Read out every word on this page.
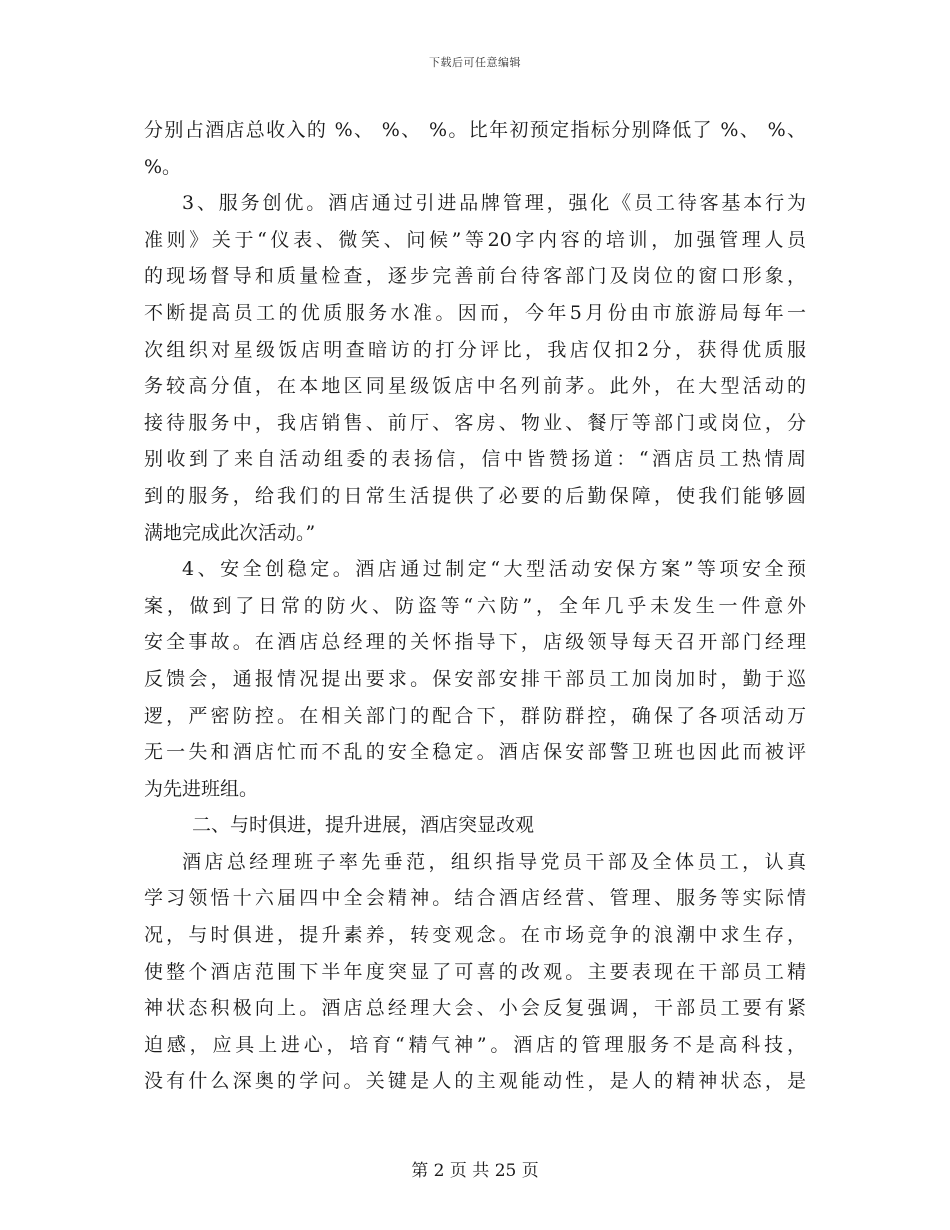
下载后可任意编辑
分别占酒店总收入的 %、 %、 %。比年初预定指标分别降低了 %、 %、
%。
3、服务创优。酒店通过引进品牌管理，强化《员工待客基本行为
准则》关于“仪表、微笑、问候”等20字内容的培训，加强管理人员
的现场督导和质量检查，逐步完善前台待客部门及岗位的窗口形象，
不断提高员工的优质服务水准。因而，今年5月份由市旅游局每年一
次组织对星级饭店明查暗访的打分评比，我店仅扣2分，获得优质服
务较高分值，在本地区同星级饭店中名列前茅。此外，在大型活动的
接待服务中，我店销售、前厅、客房、物业、餐厅等部门或岗位，分
别收到了来自活动组委的表扬信，信中皆赞扬道：“酒店员工热情周
到的服务，给我们的日常生活提供了必要的后勤保障，使我们能够圆
满地完成此次活动。”
4、安全创稳定。酒店通过制定“大型活动安保方案”等项安全预
案，做到了日常的防火、防盗等“六防”，全年几乎未发生一件意外
安全事故。在酒店总经理的关怀指导下，店级领导每天召开部门经理
反馈会，通报情况提出要求。保安部安排干部员工加岗加时，勤于巡
逻，严密防控。在相关部门的配合下，群防群控，确保了各项活动万
无一失和酒店忙而不乱的安全稳定。酒店保安部警卫班也因此而被评
为先进班组。
二、与时俱进，提升进展，酒店突显改观
酒店总经理班子率先垂范，组织指导党员干部及全体员工，认真
学习领悟十六届四中全会精神。结合酒店经营、管理、服务等实际情
况，与时俱进，提升素养，转变观念。在市场竞争的浪潮中求生存，
使整个酒店范围下半年度突显了可喜的改观。主要表现在干部员工精
神状态积极向上。酒店总经理大会、小会反复强调，干部员工要有紧
迫感，应具上进心，培育“精气神”。酒店的管理服务不是高科技，
没有什么深奥的学问。关键是人的主观能动性，是人的精神状态，是
第 2 页 共 25 页
